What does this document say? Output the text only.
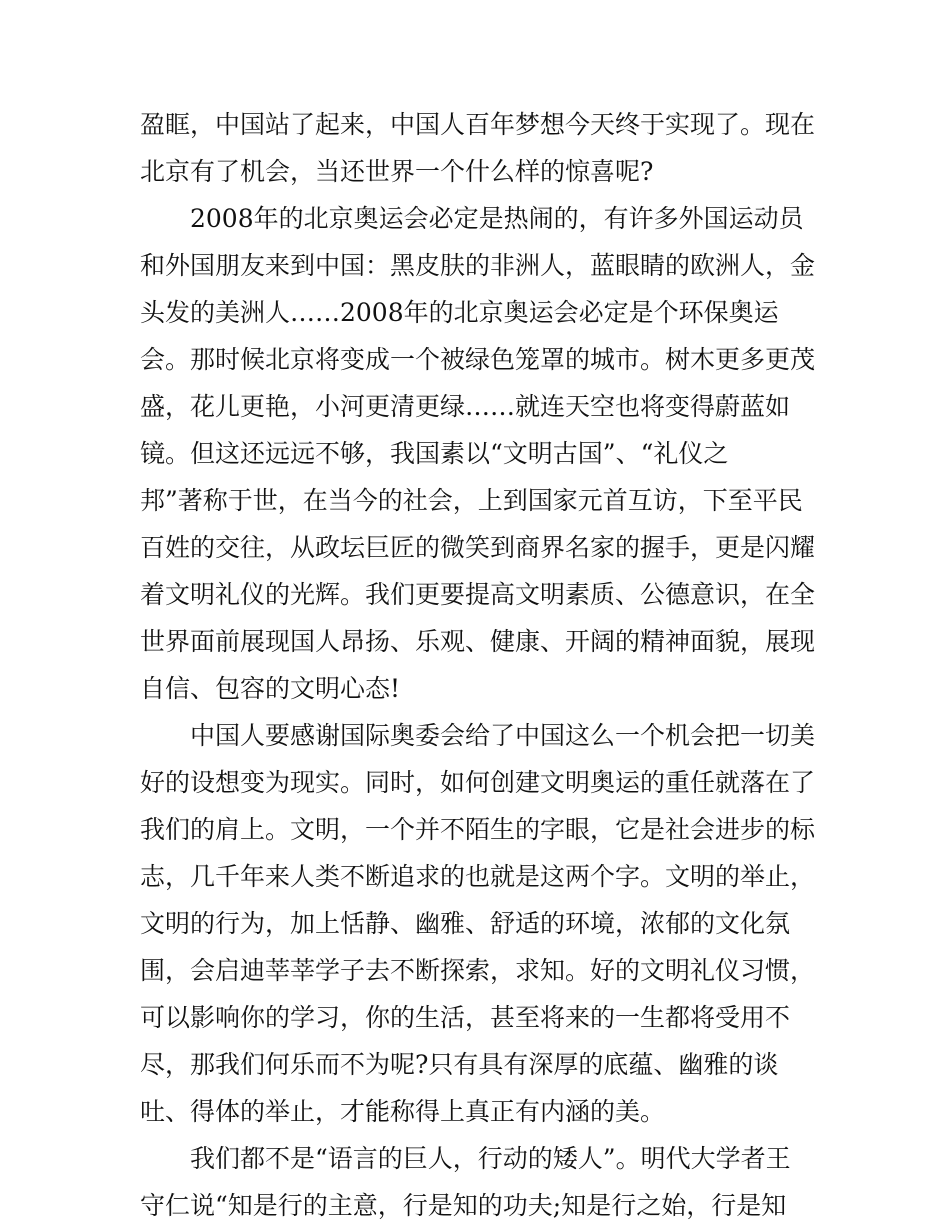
盈眶，中国站了起来，中国人百年梦想今天终于实现了。现在
北京有了机会，当还世界一个什么样的惊喜呢?
2008年的北京奥运会必定是热闹的，有许多外国运动员
和外国朋友来到中国：黑皮肤的非洲人，蓝眼睛的欧洲人，金
头发的美洲人……2008年的北京奥运会必定是个环保奥运
会。那时候北京将变成一个被绿色笼罩的城市。树木更多更茂
盛，花儿更艳，小河更清更绿……就连天空也将变得蔚蓝如
镜。但这还远远不够，我国素以“文明古国”、“礼仪之
邦”著称于世，在当今的社会，上到国家元首互访，下至平民
百姓的交往，从政坛巨匠的微笑到商界名家的握手，更是闪耀
着文明礼仪的光辉。我们更要提高文明素质、公德意识，在全
世界面前展现国人昂扬、乐观、健康、开阔的精神面貌，展现
自信、包容的文明心态!
中国人要感谢国际奥委会给了中国这么一个机会把一切美
好的设想变为现实。同时，如何创建文明奥运的重任就落在了
我们的肩上。文明，一个并不陌生的字眼，它是社会进步的标
志，几千年来人类不断追求的也就是这两个字。文明的举止，
文明的行为，加上恬静、幽雅、舒适的环境，浓郁的文化氛
围，会启迪莘莘学子去不断探索，求知。好的文明礼仪习惯，
可以影响你的学习，你的生活，甚至将来的一生都将受用不
尽，那我们何乐而不为呢?只有具有深厚的底蕴、幽雅的谈
吐、得体的举止，才能称得上真正有内涵的美。
我们都不是“语言的巨人，行动的矮人”。明代大学者王
守仁说“知是行的主意，行是知的功夫;知是行之始，行是知
